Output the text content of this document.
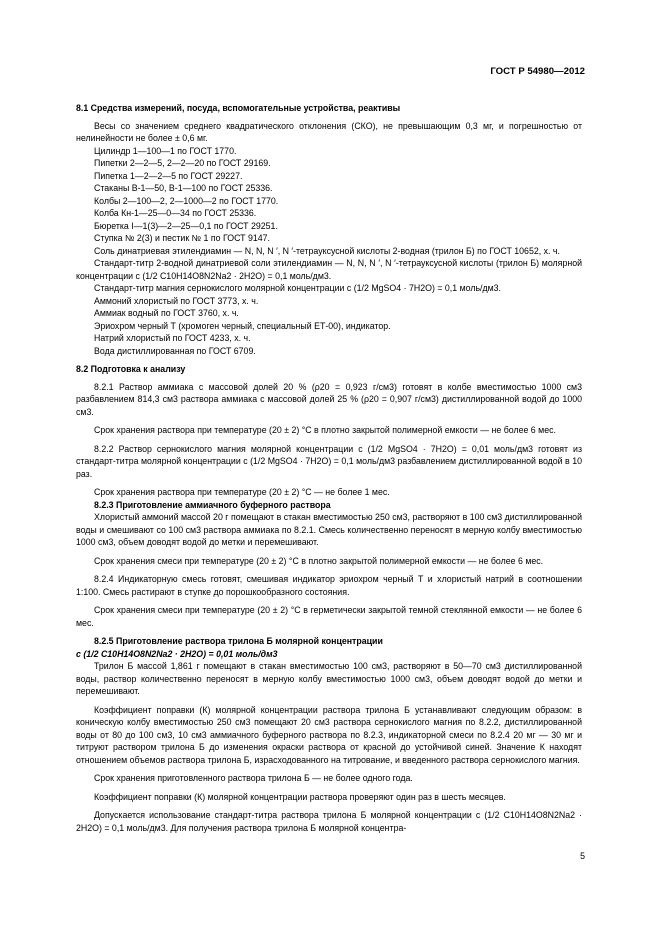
ГОСТ Р 54980—2012
8.1 Средства измерений, посуда, вспомогательные устройства, реактивы

Весы со значением среднего квадратического отклонения (СКО), не превышающим 0,3 мг, и погрешностью от нелинейности не более ± 0,6 мг.

Цилиндр 1—100—1 по ГОСТ 1770.

Пипетки 2—2—5, 2—2—20 по ГОСТ 29169.

Пипетка 1—2—2—5 по ГОСТ 29227.

Стаканы В-1—50, В-1—100 по ГОСТ 25336.

Колбы 2—100—2, 2—1000—2 по ГОСТ 1770.

Колба Кн-1—25—0—34 по ГОСТ 25336.

Бюретка I—1(3)—2—25—0,1 по ГОСТ 29251.

Ступка № 2(3) и пестик № 1 по ГОСТ 9147.

Соль динатриевая этилендиамин — N, N, N ′, N ′-тетрауксусной кислоты 2-водная (трилон Б) по ГОСТ 10652, х. ч.

Стандарт-титр 2-водной динатриевой соли этилендиамин — N, N, N ′, N ′-тетрауксусной кислоты (трилон Б) молярной концентрации с (1/2 C10H14O8N2Na2 · 2H2O) = 0,1 моль/дм3.

Стандарт-титр магния сернокислого молярной концентрации с (1/2 MgSO4 · 7H2O) = 0,1 моль/дм3.

Аммоний хлористый по ГОСТ 3773, х. ч.

Аммиак водный по ГОСТ 3760, х. ч.

Эриохром черный Т (хромоген черный, специальный ЕТ-00), индикатор.

Натрий хлористый по ГОСТ 4233, х. ч.

Вода дистиллированная по ГОСТ 6709.

8.2 Подготовка к анализу

8.2.1 Раствор аммиака с массовой долей 20 % (ρ20 = 0,923 г/см3) готовят в колбе вместимостью 1000 см3 разбавлением 814,3 см3 раствора аммиака с массовой долей 25 % (ρ20 = 0,907 г/см3) дистиллированной водой до 1000 см3.

Срок хранения раствора при температуре (20 ± 2) °С в плотно закрытой полимерной емкости — не более 6 мес.

8.2.2 Раствор сернокислого магния молярной концентрации с (1/2 MgSO4 · 7H2O) = 0,01 моль/дм3 готовят из стандарт-титра молярной концентрации с (1/2 MgSO4 · 7H2O) = 0,1 моль/дм3 разбавлением дистиллированной водой в 10 раз.

Срок хранения раствора при температуре (20 ± 2) °С — не более 1 мес.

8.2.3 Приготовление аммиачного буферного раствора

Хлористый аммоний массой 20 г помещают в стакан вместимостью 250 см3, растворяют в 100 см3 дистиллированной воды и смешивают со 100 см3 раствора аммиака по 8.2.1. Смесь количественно переносят в мерную колбу вместимостью 1000 см3, объем доводят водой до метки и перемешивают.

Срок хранения смеси при температуре (20 ± 2) °С в плотно закрытой полимерной емкости — не более 6 мес.

8.2.4 Индикаторную смесь готовят, смешивая индикатор эриохром черный Т и хлористый натрий в соотношении 1:100. Смесь растирают в ступке до порошкообразного состояния.

Срок хранения смеси при температуре (20 ± 2) °С в герметически закрытой темной стеклянной емкости — не более 6 мес.

8.2.5 Приготовление раствора трилона Б молярной концентрации

с (1/2 C10H14O8N2Na2 · 2H2O) = 0,01 моль/дм3

Трилон Б массой 1,861 г помещают в стакан вместимостью 100 см3, растворяют в 50—70 см3 дистиллированной воды, раствор количественно переносят в мерную колбу вместимостью 1000 см3, объем доводят водой до метки и перемешивают.

Коэффициент поправки (К) молярной концентрации раствора трилона Б устанавливают следующим образом: в коническую колбу вместимостью 250 см3 помещают 20 см3 раствора сернокислого магния по 8.2.2, дистиллированной воды от 80 до 100 см3, 10 см3 аммиачного буферного раствора по 8.2.3, индикаторной смеси по 8.2.4 20 мг — 30 мг и титруют раствором трилона Б до изменения окраски раствора от красной до устойчивой синей. Значение К находят отношением объемов раствора трилона Б, израсходованного на титрование, и введенного раствора сернокислого магния.

Срок хранения приготовленного раствора трилона Б — не более одного года.

Коэффициент поправки (К) молярной концентрации раствора проверяют один раз в шесть месяцев.

Допускается использование стандарт-титра раствора трилона Б молярной концентрации с (1/2 C10H14O8N2Na2 · 2H2O) = 0,1 моль/дм3. Для получения раствора трилона Б молярной концентра-

5
